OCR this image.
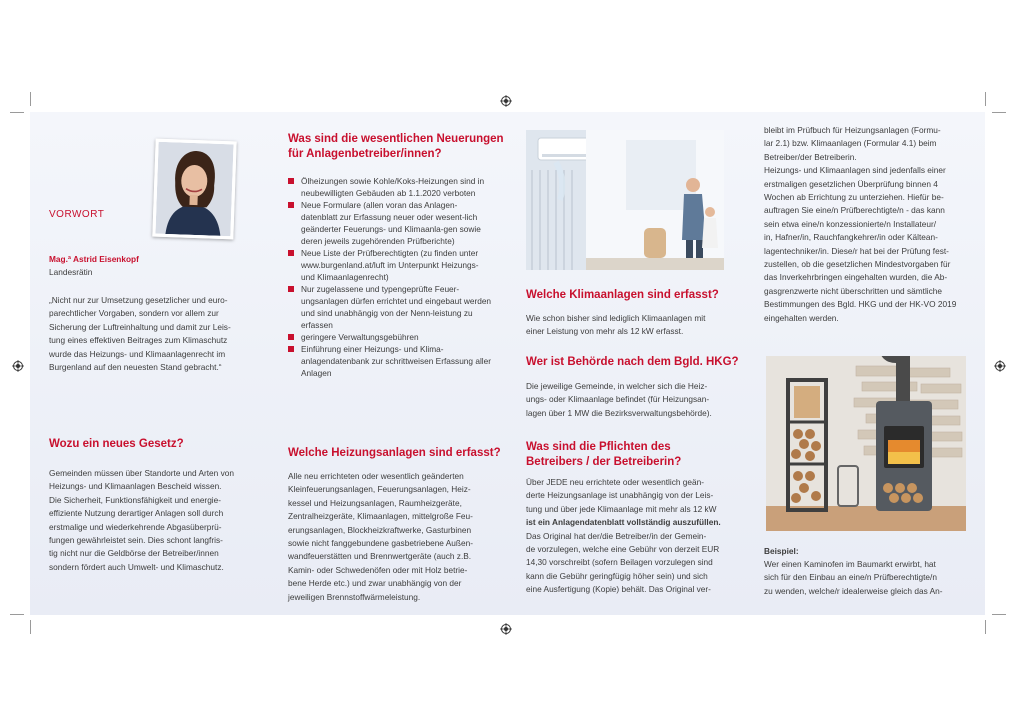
VORWORT
Mag.ª Astrid Eisenkopf
Landesrätin
„Nicht nur zur Umsetzung gesetzlicher und euro-
parechtlicher Vorgaben, sondern vor allem zur
Sicherung der Luftreinhaltung und damit zur Leis-
tung eines effektiven Beitrages zum Klimaschutz
wurde das Heizungs- und Klimaanlagenrecht im
Burgenland auf den neuesten Stand gebracht.“
Wozu ein neues Gesetz?
Gemeinden müssen über Standorte und Arten von
Heizungs- und Klimaanlagen Bescheid wissen.
Die Sicherheit, Funktionsfähigkeit und energie-
effiziente Nutzung derartiger Anlagen soll durch
erstmalige und wiederkehrende Abgasüberprü-
fungen gewährleistet sein. Dies schont langfris-
tig nicht nur die Geldbörse der Betreiber/innen
sondern fördert auch Umwelt- und Klimaschutz.
Was sind die wesentlichen Neuerungen
für Anlagenbetreiber/innen?
Ölheizungen sowie Kohle/Koks-Heizungen sind in neubewilligten Gebäuden ab 1.1.2020 verboten
Neue Formulare (allen voran das Anlagen-datenblatt zur Erfassung neuer oder wesent-lich geänderter Feuerungs- und Klimaanla-gen sowie deren jeweils zugehörenden Prüfberichte)
Neue Liste der Prüfberechtigten (zu finden unter www.burgenland.at/luft im Unterpunkt Heizungs- und Klimaanlagenrecht)
Nur zugelassene und typengeprüfte Feuer-ungsanlagen dürfen errichtet und eingebaut werden und sind unabhängig von der Nenn-leistung zu erfassen
geringere Verwaltungsgebühren
Einführung einer Heizungs- und Klima-anlagendatenbank zur schrittweisen Erfassung aller Anlagen
Welche Heizungsanlagen sind erfasst?
Alle neu errichteten oder wesentlich geänderten
Kleinfeuerungsanlagen, Feuerungsanlagen, Heiz-
kessel und Heizungsanlagen, Raumheizgeräte,
Zentralheizgeräte, Klimaanlagen, mittelgroße Feu-
erungsanlagen, Blockheizkraftwerke, Gasturbinen
sowie nicht fanggebundene gasbetriebene Außen-
wandfeuerstätten und Brennwertgeräte (auch z.B.
Kamin- oder Schwedenöfen oder mit Holz betrie-
bene Herde etc.) und zwar unabhängig von der
jeweiligen Brennstoffwärmeleistung.
Welche Klimaanlagen sind erfasst?
Wie schon bisher sind lediglich Klimaanlagen mit
einer Leistung von mehr als 12 kW erfasst.
Wer ist Behörde nach dem Bgld. HKG?
Die jeweilige Gemeinde, in welcher sich die Heiz-
ungs- oder Klimaanlage befindet (für Heizungsan-
lagen über 1 MW die Bezirksverwaltungsbehörde).
Was sind die Pflichten des
Betreibers / der Betreiberin?
Über JEDE neu errichtete oder wesentlich geän-
derte Heizungsanlage ist unabhängig von der Leis-
tung und über jede Klimaanlage mit mehr als 12 kW
ist ein Anlagendatenblatt vollständig auszufüllen.
Das Original hat der/die Betreiber/in der Gemein-
de vorzulegen, welche eine Gebühr von derzeit EUR
14,30 vorschreibt (sofern Beilagen vorzulegen sind
kann die Gebühr geringfügig höher sein) und sich
eine Ausfertigung (Kopie) behält. Das Original ver-
bleibt im Prüfbuch für Heizungsanlagen (Formu-
lar 2.1) bzw. Klimaanlagen (Formular 4.1) beim
Betreiber/der Betreiberin.
Heizungs- und Klimaanlagen sind jedenfalls einer
erstmaligen gesetzlichen Überprüfung binnen 4
Wochen ab Errichtung zu unterziehen. Hiefür be-
auftragen Sie eine/n Prüfberechtigte/n - das kann
sein etwa eine/n konzessionierte/n Installateur/
in, Hafner/in, Rauchfangkehrer/in oder Kältean-
lagentechniker/in. Diese/r hat bei der Prüfung fest-
zustellen, ob die gesetzlichen Mindestvorgaben für
das Inverkehrbringen eingehalten wurden, die Ab-
gasgrenzwerte nicht überschritten und sämtliche
Bestimmungen des Bgld. HKG und der HK-VO 2019
eingehalten werden.
Beispiel:
Wer einen Kaminofen im Baumarkt erwirbt, hat
sich für den Einbau an eine/n Prüfberechtigte/n
zu wenden, welche/r idealerweise gleich das An-
